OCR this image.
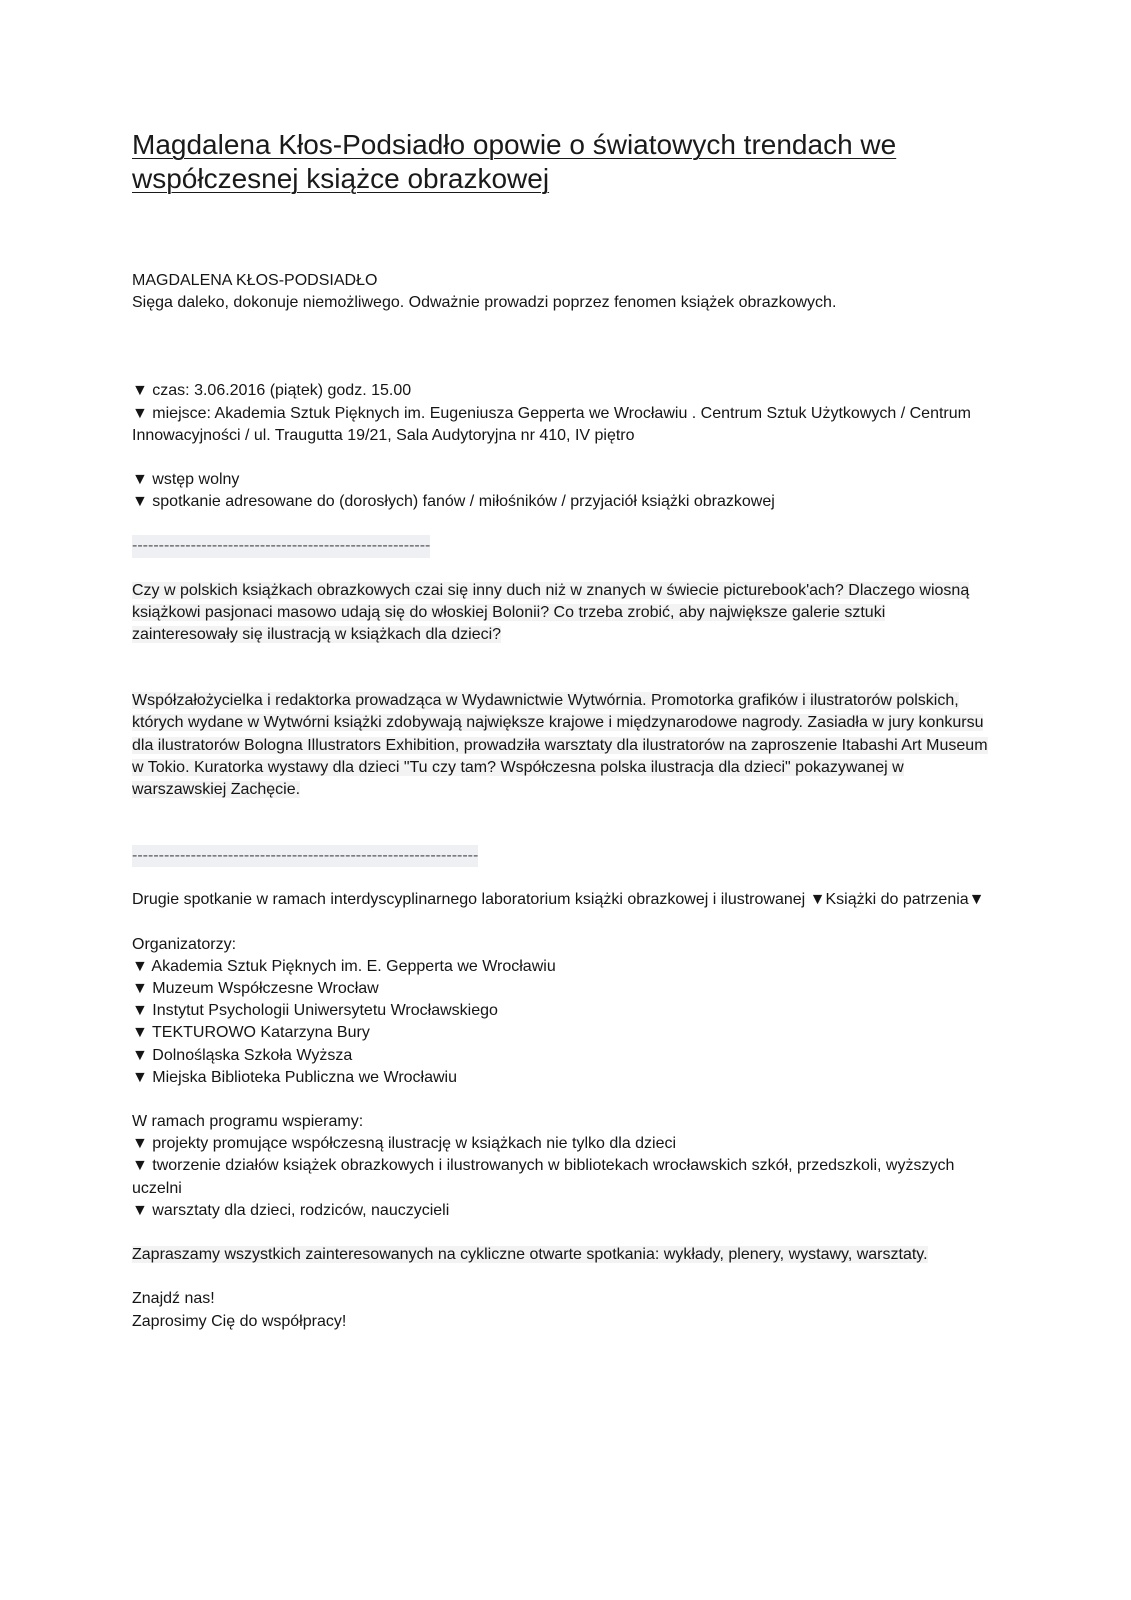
Magdalena Kłos-Podsiadło opowie o światowych trendach we współczesnej książce obrazkowej

MAGDALENA KŁOS-PODSIADŁO

Sięga daleko, dokonuje niemożliwego. Odważnie prowadzi poprzez fenomen książek obrazkowych.

▼ czas: 3.06.2016 (piątek) godz. 15.00

▼ miejsce: Akademia Sztuk Pięknych im. Eugeniusza Gepperta we Wrocławiu . Centrum Sztuk Użytkowych / Centrum Innowacyjności / ul. Traugutta 19/21, Sala Audytoryjna nr 410, IV piętro

▼ wstęp wolny

▼ spotkanie adresowane do (dorosłych) fanów / miłośników / przyjaciół książki obrazkowej

--------------------------------------------------------

Czy w polskich książkach obrazkowych czai się inny duch niż w znanych w świecie picturebook'ach? Dlaczego wiosną książkowi pasjonaci masowo udają się do włoskiej Bolonii? Co trzeba zrobić, aby największe galerie sztuki zainteresowały się ilustracją w książkach dla dzieci?

Współzałożycielka i redaktorka prowadząca w Wydawnictwie Wytwórnia. Promotorka grafików i ilustratorów polskich, których wydane w Wytwórni książki zdobywają największe krajowe i międzynarodowe nagrody. Zasiadła w jury konkursu dla ilustratorów Bologna Illustrators Exhibition, prowadziła warsztaty dla ilustratorów na zaproszenie Itabashi Art Museum w Tokio. Kuratorka wystawy dla dzieci "Tu czy tam? Współczesna polska ilustracja dla dzieci" pokazywanej w warszawskiej Zachęcie.

-----------------------------------------------------------------

Drugie spotkanie w ramach interdyscyplinarnego laboratorium książki obrazkowej i ilustrowanej ▼Książki do patrzenia▼

Organizatorzy:

▼ Akademia Sztuk Pięknych im. E. Gepperta we Wrocławiu
▼ Muzeum Współczesne Wrocław
▼ Instytut Psychologii Uniwersytetu Wrocławskiego
▼ TEKTUROWO Katarzyna Bury
▼ Dolnośląska Szkoła Wyższa
▼ Miejska Biblioteka Publiczna we Wrocławiu

W ramach programu wspieramy:

▼ projekty promujące współczesną ilustrację w książkach nie tylko dla dzieci
▼ tworzenie działów książek obrazkowych i ilustrowanych w bibliotekach wrocławskich szkół, przedszkoli, wyższych uczelni
▼ warsztaty dla dzieci, rodziców, nauczycieli

Zapraszamy wszystkich zainteresowanych na cykliczne otwarte spotkania: wykłady, plenery, wystawy, warsztaty.

Znajdź nas!

Zaprosimy Cię do współpracy!
